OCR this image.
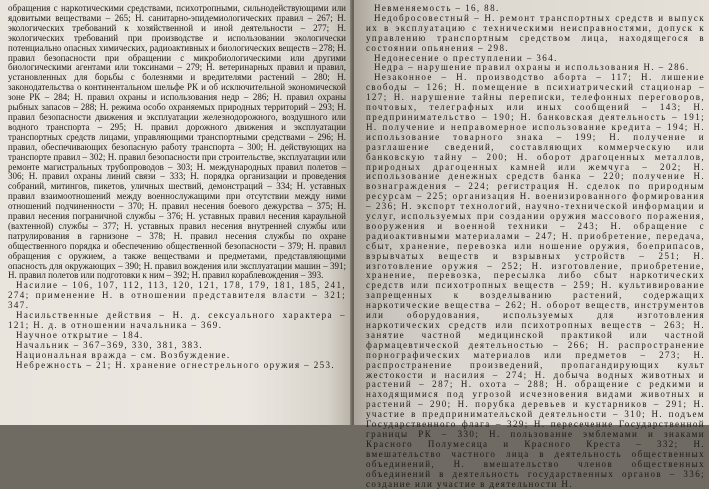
обращения с наркотическими средствами, психотропными, сильнодействующими или ядовитыми веществами – 265; Н. санитарно-эпидемиологических правил – 267; Н. экологических требований к хозяйственной и иной деятельности – 277; Н. экологических требований при производстве и использовании экологически потенциально опасных химических, радиоактивных и биологических веществ – 278; Н. правил безопасности при обращении с микробиологическими или другими биологическими агентами или токсинами – 279; Н. ветеринарных правил и правил, установленных для борьбы с болезнями и вредителями растений – 280; Н. законодательства о континентальном шельфе РК и об исключительной экономической зоне РК – 284; Н. правил охраны и использования недр – 286; Н. правил охраны рыбных запасов – 288; Н. режима особо охраняемых природных территорий – 293; Н. правил безопасности движения и эксплуатации железнодорожного, воздушного или водного транспорта – 295; Н. правил дорожного движения и эксплуатации транспортных средств лицами, управляющими транспортными средствами – 296; Н. правил, обеспечивающих безопасную работу транспорта – 300; Н. действующих на транспорте правил – 302; Н. правил безопасности при строительстве, эксплуатации или ремонте магистральных трубопроводов – 303; Н. международных правил полетов – 306; Н. правил охраны линий связи – 333; Н. порядка организации и проведения собраний, митингов, пикетов, уличных шествий, демонстраций – 334; Н. уставных правил взаимоотношений между военнослужащими при отсутствии между ними отношений подчиненности – 370; Н. правил несения боевого дежурства – 375; Н. правил несения пограничной службы – 376; Н. уставных правил несения караульной (вахтенной) службы – 377; Н. уставных правил несения внутренней службы или патрулирования в гарнизоне – 378; Н. правил несения службы по охране общественного порядка и обеспечению общественной безопасности – 379; Н. правил обращения с оружием, а также веществами и предметами, представляющими опасность для окружающих – 390; Н. правил вождения или эксплуатации машин – 391; Н. правил полетов или подготовки к ним – 392; Н. правил кораблевождения – 393.

Насилие – 106, 107, 112, 113, 120, 121, 178, 179, 181, 185, 241, 274; применение Н. в отношении представителя власти – 321; 347.

Насильственные действия – Н. д. сексуального характера – 121; Н. д. в отношении начальника – 369.

Научное открытие – 184.

Начальник – 367–369, 330, 381, 383.

Национальная вражда – см. Возбуждение.

Небрежность – 21; Н. хранение огнестрельного оружия – 253.

Невменяемость – 16, 88.

Недобросовестный – Н. ремонт транспортных средств и выпуск их в эксплуатацию с техническими неисправностями, допуск к управлению транспортным средством лица, находящегося в состоянии опьянения – 298.

Недонесение о преступлении – 364.

Недра – нарушение правил охраны и использования Н. – 286.

Незаконное – Н. производство аборта – 117; Н. лишение свободы – 126; Н. помещение в психиатрический стационар – 127; Н. нарушение тайны переписки, телефонных переговоров, почтовых, телеграфных или иных сообщений – 143; Н. предпринимательство – 190; Н. банковская деятельность – 191; Н. получение и неправомерное использование кредита – 194; Н. использование товарного знака – 199; Н. получение и разглашение сведений, составляющих коммерческую или банковскую тайну – 200; Н. оборот драгоценных металлов, природных драгоценных камней или жемчуга – 202; Н. использование денежных средств банка – 220; получение Н. вознаграждения – 224; регистрация Н. сделок по природным ресурсам – 225; организация Н. военизированного формирования – 236; Н. экспорт технологий, научно-технической информации и услуг, используемых при создании оружия массового поражения, вооружения и военной техники – 243; Н. обращение с радиоактивными материалами – 247; Н. приобретение, передача, сбыт, хранение, перевозка или ношение оружия, боеприпасов, взрывчатых веществ и взрывных устройств – 251; Н. изготовление оружия – 252; Н. изготовление, приобретение, хранение, перевозка, пересылка либо сбыт наркотических средств или психотропных веществ – 259; Н. культивирование запрещенных к возделыванию растений, содержащих наркотические вещества – 262; Н. оборот веществ, инструментов или оборудования, используемых для изготовления наркотических средств или психотропных веществ – 263; Н. занятие частной медицинской практикой или частной фармацевтической деятельностью – 266; Н. распространение порнографических материалов или предметов – 273; Н. распространение произведений, пропагандирующих культ жестокости и насилия – 274; Н. добыча водных животных и растений – 287; Н. охота – 288; Н. обращение с редкими и находящимися под угрозой исчезновения видами животных и растений – 290; Н. порубка деревьев и кустарников – 291; Н. участие в предпринимательской деятельности – 310; Н. подъем Государственного флага – 329; Н. пересечение Государственной границы РК – 330; Н. пользование эмблемами и знаками Красного Полумесяца и Красного Креста – 332; Н. вмешательство частного лица в деятельность общественных объединений, Н. вмешательство членов общественных объединений в деятельность государственных органов – 336; создание или участие в деятельности Н.
